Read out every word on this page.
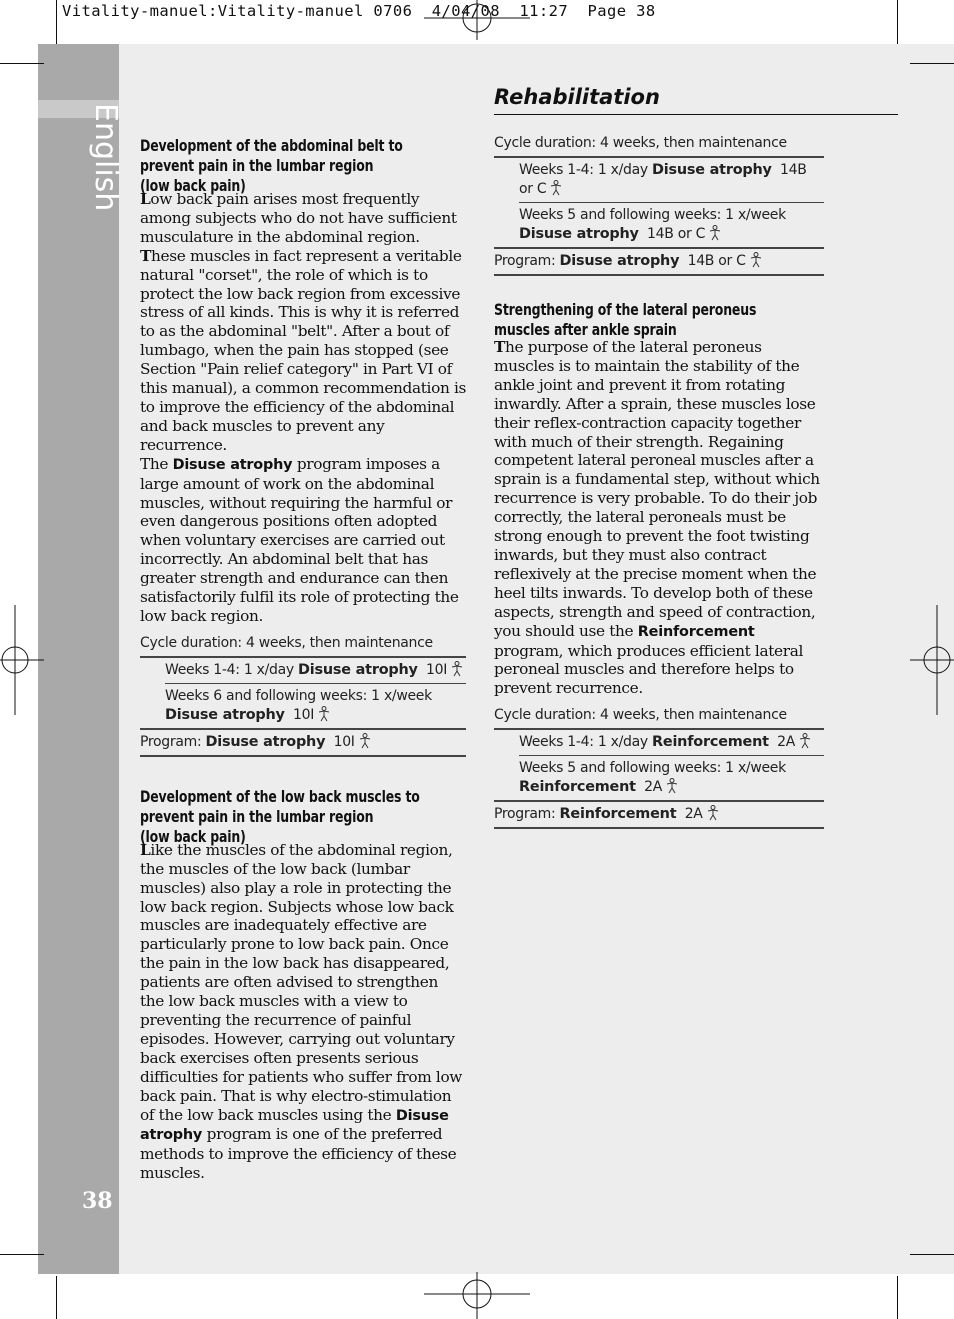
Vitality-manuel:Vitality-manuel 0706  4/04/08  11:27  Page 38
English
38
Rehabilitation
Development of the abdominal belt to
prevent pain in the lumbar region
(low back pain)

Low back pain arises most frequently among subjects who do not have sufficient musculature in the abdominal region.

These muscles in fact represent a veritable natural "corset", the role of which is to protect the low back region from excessive stress of all kinds. This is why it is referred to as the abdominal "belt". After a bout of lumbago, when the pain has stopped (see Section "Pain relief category" in Part VI of this manual), a common recommendation is to improve the efficiency of the abdominal and back muscles to prevent any recurrence.

The Disuse atrophy program imposes a large amount of work on the abdominal muscles, without requiring the harmful or even dangerous positions often adopted when voluntary exercises are carried out incorrectly. An abdominal belt that has greater strength and endurance can then satisfactorily fulfil its role of protecting the low back region.

Cycle duration: 4 weeks, then maintenance
Weeks 1-4: 1 x/day Disuse atrophy 10I
Weeks 6 and following weeks: 1 x/week
Disuse atrophy 10I
Program: Disuse atrophy 10I
Development of the low back muscles to
prevent pain in the lumbar region
(low back pain)

Like the muscles of the abdominal region, the muscles of the low back (lumbar muscles) also play a role in protecting the low back region. Subjects whose low back muscles are inadequately effective are particularly prone to low back pain. Once the pain in the low back has disappeared, patients are often advised to strengthen the low back muscles with a view to preventing the recurrence of painful episodes. However, carrying out voluntary back exercises often presents serious difficulties for patients who suffer from low back pain. That is why electro-stimulation of the low back muscles using the Disuse atrophy program is one of the preferred methods to improve the efficiency of these muscles.

Cycle duration: 4 weeks, then maintenance
Weeks 1-4: 1 x/day Disuse atrophy 14B
or C
Weeks 5 and following weeks: 1 x/week
Disuse atrophy 14B or C
Program: Disuse atrophy 14B or C
Strengthening of the lateral peroneus
muscles after ankle sprain

The purpose of the lateral peroneus muscles is to maintain the stability of the ankle joint and prevent it from rotating inwardly. After a sprain, these muscles lose their reflex-contraction capacity together with much of their strength. Regaining competent lateral peroneal muscles after a sprain is a fundamental step, without which recurrence is very probable. To do their job correctly, the lateral peroneals must be strong enough to prevent the foot twisting inwards, but they must also contract reflexively at the precise moment when the heel tilts inwards. To develop both of these aspects, strength and speed of contraction, you should use the Reinforcement program, which produces efficient lateral peroneal muscles and therefore helps to prevent recurrence.

Cycle duration: 4 weeks, then maintenance
Weeks 1-4: 1 x/day Reinforcement 2A
Weeks 5 and following weeks: 1 x/week
Reinforcement 2A
Program: Reinforcement 2A
